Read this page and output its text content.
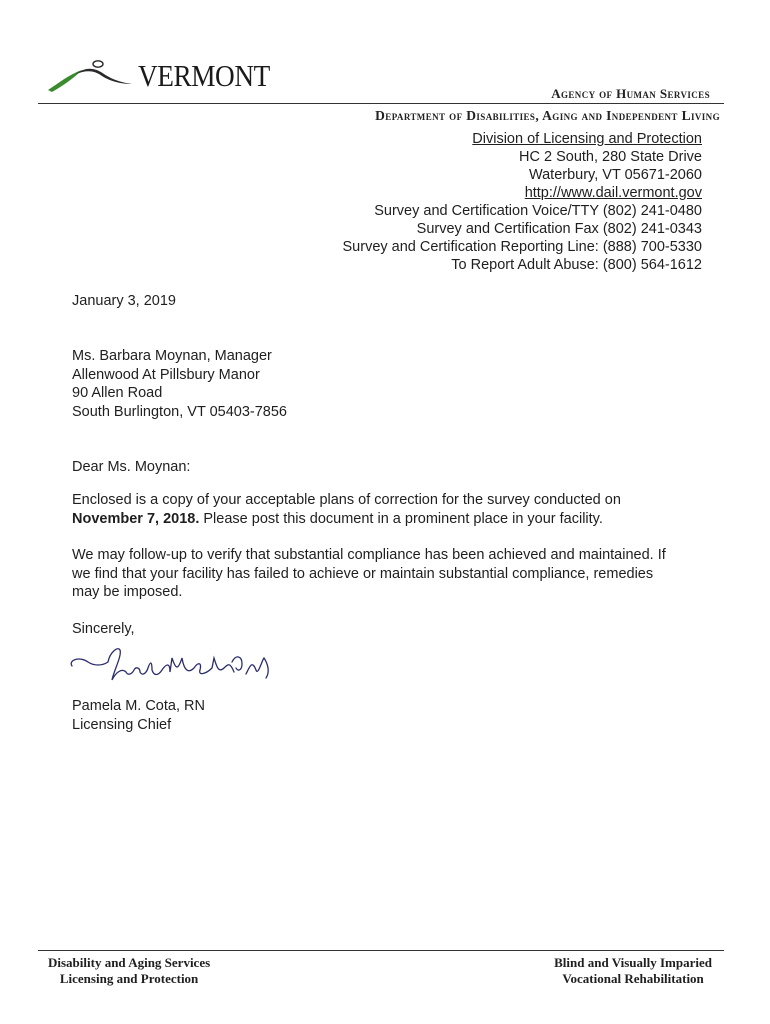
VERMONT
Agency of Human Services
Department of Disabilities, Aging and Independent Living
Division of Licensing and Protection
HC 2 South, 280 State Drive
Waterbury, VT 05671-2060
http://www.dail.vermont.gov
Survey and Certification Voice/TTY (802) 241-0480
Survey and Certification Fax (802) 241-0343
Survey and Certification Reporting Line: (888) 700-5330
To Report Adult Abuse: (800) 564-1612
January 3, 2019
Ms. Barbara Moynan, Manager
Allenwood At Pillsbury Manor
90 Allen Road
South Burlington, VT 05403-7856
Dear Ms. Moynan:
Enclosed is a copy of your acceptable plans of correction for the survey conducted on
November 7, 2018. Please post this document in a prominent place in your facility.
We may follow-up to verify that substantial compliance has been achieved and maintained. If
we find that your facility has failed to achieve or maintain substantial compliance, remedies
may be imposed.
Sincerely,
Pamela M. Cota, RN
Licensing Chief
Disability and Aging Services
Licensing and Protection
Blind and Visually Imparied
Vocational Rehabilitation
